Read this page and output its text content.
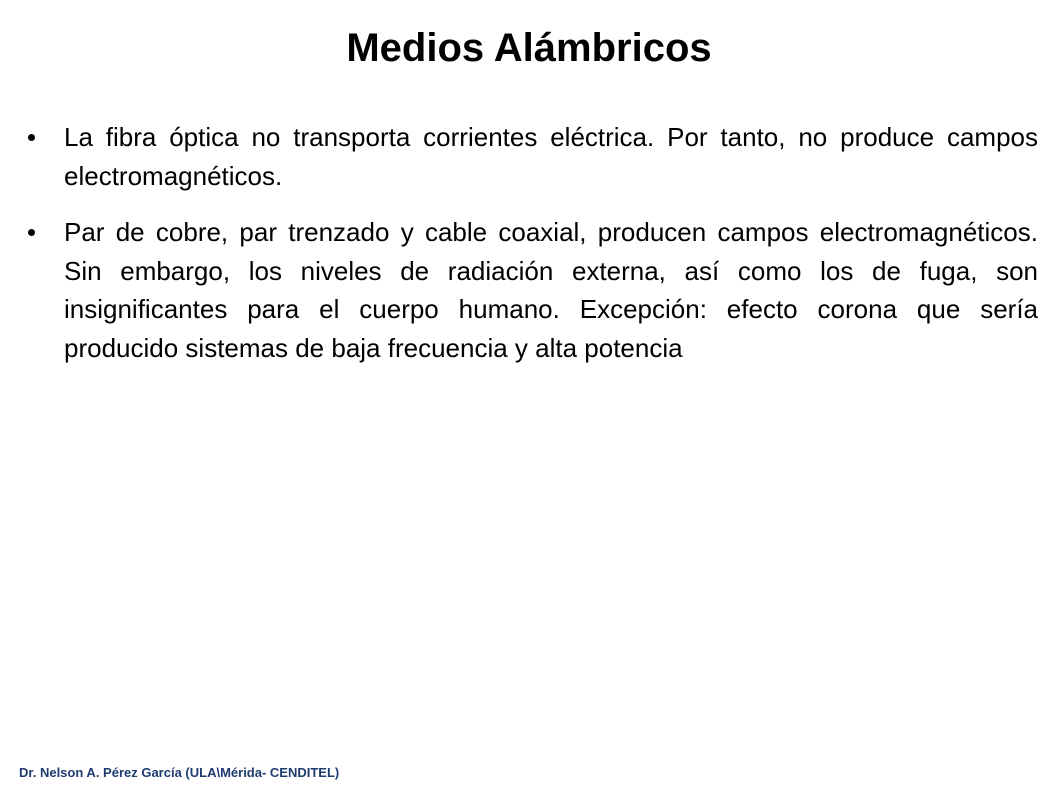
Medios Alámbricos
La fibra óptica no transporta corrientes eléctrica. Por tanto, no produce campos electromagnéticos.
Par de cobre, par trenzado y cable coaxial, producen campos electromagnéticos. Sin embargo, los niveles de radiación externa, así como los de fuga, son insignificantes para el cuerpo humano. Excepción: efecto corona que sería producido sistemas de baja frecuencia y alta potencia
Dr. Nelson A. Pérez García (ULA\Mérida- CENDITEL)
